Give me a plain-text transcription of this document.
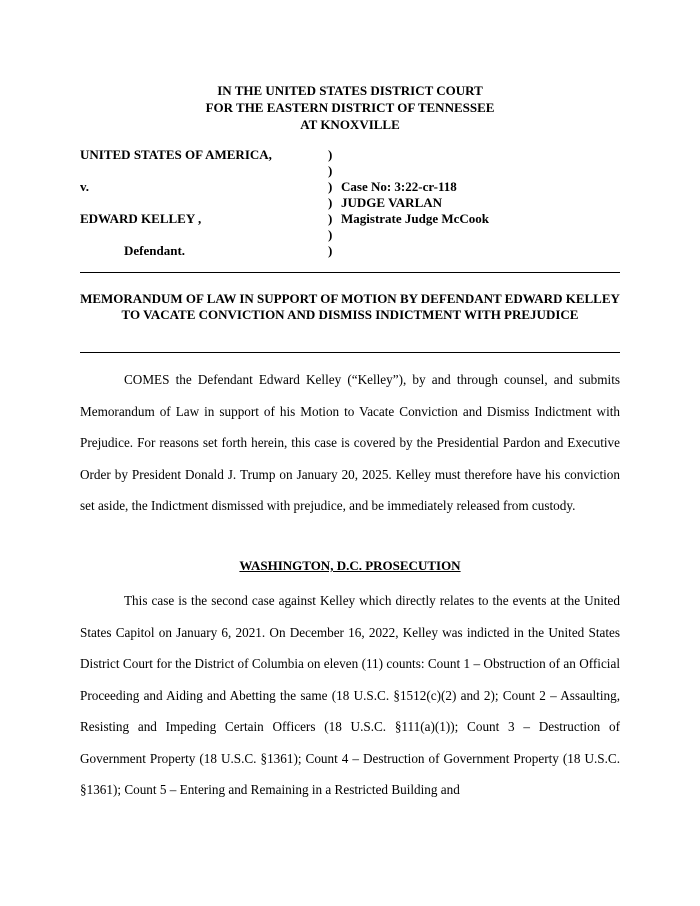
IN THE UNITED STATES DISTRICT COURT
FOR THE EASTERN DISTRICT OF TENNESSEE
AT KNOXVILLE
UNITED STATES OF AMERICA,	)
)
v.	) Case No: 3:22-cr-118
) JUDGE VARLAN
EDWARD KELLEY ,	) Magistrate Judge McCook
)
Defendant.	)
MEMORANDUM OF LAW IN SUPPORT OF MOTION BY DEFENDANT EDWARD KELLEY TO VACATE CONVICTION AND DISMISS INDICTMENT WITH PREJUDICE

COMES the Defendant Edward Kelley (“Kelley”), by and through counsel, and submits Memorandum of Law in support of his Motion to Vacate Conviction and Dismiss Indictment with Prejudice. For reasons set forth herein, this case is covered by the Presidential Pardon and Executive Order by President Donald J. Trump on January 20, 2025. Kelley must therefore have his conviction set aside, the Indictment dismissed with prejudice, and be immediately released from custody.

WASHINGTON, D.C. PROSECUTION

This case is the second case against Kelley which directly relates to the events at the United States Capitol on January 6, 2021. On December 16, 2022, Kelley was indicted in the United States District Court for the District of Columbia on eleven (11) counts: Count 1 – Obstruction of an Official Proceeding and Aiding and Abetting the same (18 U.S.C. §1512(c)(2) and 2); Count 2 – Assaulting, Resisting and Impeding Certain Officers (18 U.S.C. §111(a)(1)); Count 3 – Destruction of Government Property (18 U.S.C. §1361); Count 4 – Destruction of Government Property (18 U.S.C. §1361); Count 5 – Entering and Remaining in a Restricted Building and
